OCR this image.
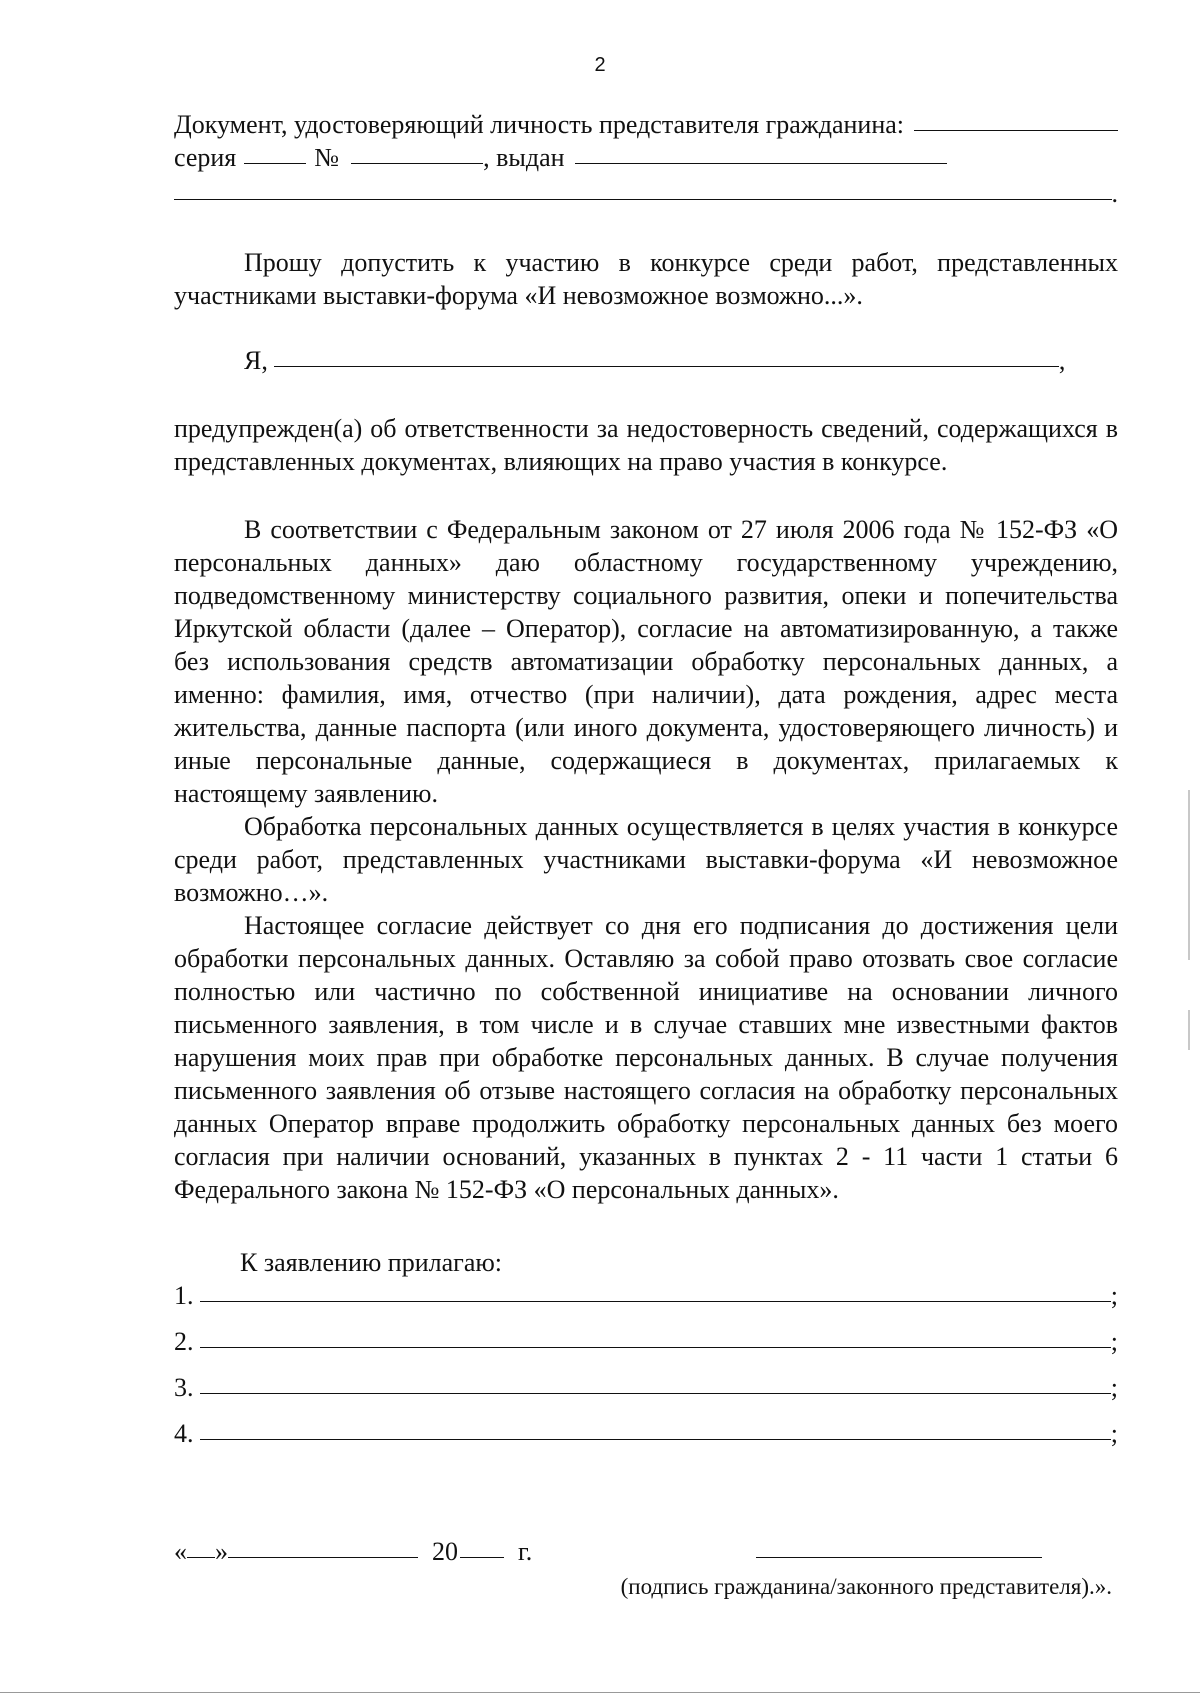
2
Документ, удостоверяющий личность представителя гражданина:
серия	№	, выдан
.

Прошу допустить к участию в конкурсе среди работ, представленных участниками выставки-форума «И невозможное возможно...».

Я,	,

предупрежден(а) об ответственности за недостоверность сведений, содержащихся в представленных документах, влияющих на право участия в конкурсе.

В соответствии с Федеральным законом от 27 июля 2006 года № 152-ФЗ «О персональных данных» даю областному государственному учреждению, подведомственному министерству социального развития, опеки и попечительства Иркутской области (далее – Оператор), согласие на автоматизированную, а также без использования средств автоматизации обработку персональных данных, а именно: фамилия, имя, отчество (при наличии), дата рождения, адрес места жительства, данные паспорта (или иного документа, удостоверяющего личность) и иные персональные данные, содержащиеся в документах, прилагаемых к настоящему заявлению.

Обработка персональных данных осуществляется в целях участия в конкурсе среди работ, представленных участниками выставки-форума «И невозможное возможно…».

Настоящее согласие действует со дня его подписания до достижения цели обработки персональных данных. Оставляю за собой право отозвать свое согласие полностью или частично по собственной инициативе на основании личного письменного заявления, в том числе и в случае ставших мне известными фактов нарушения моих прав при обработке персональных данных. В случае получения письменного заявления об отзыве настоящего согласия на обработку персональных данных Оператор вправе продолжить обработку персональных данных без моего согласия при наличии оснований, указанных в пунктах 2 - 11 части 1 статьи 6 Федерального закона № 152-ФЗ «О персональных данных».

К заявлению прилагаю:
1.	;
2.	;
3.	;
4.	;
« »	20 г.
(подпись гражданина/законного представителя).».
